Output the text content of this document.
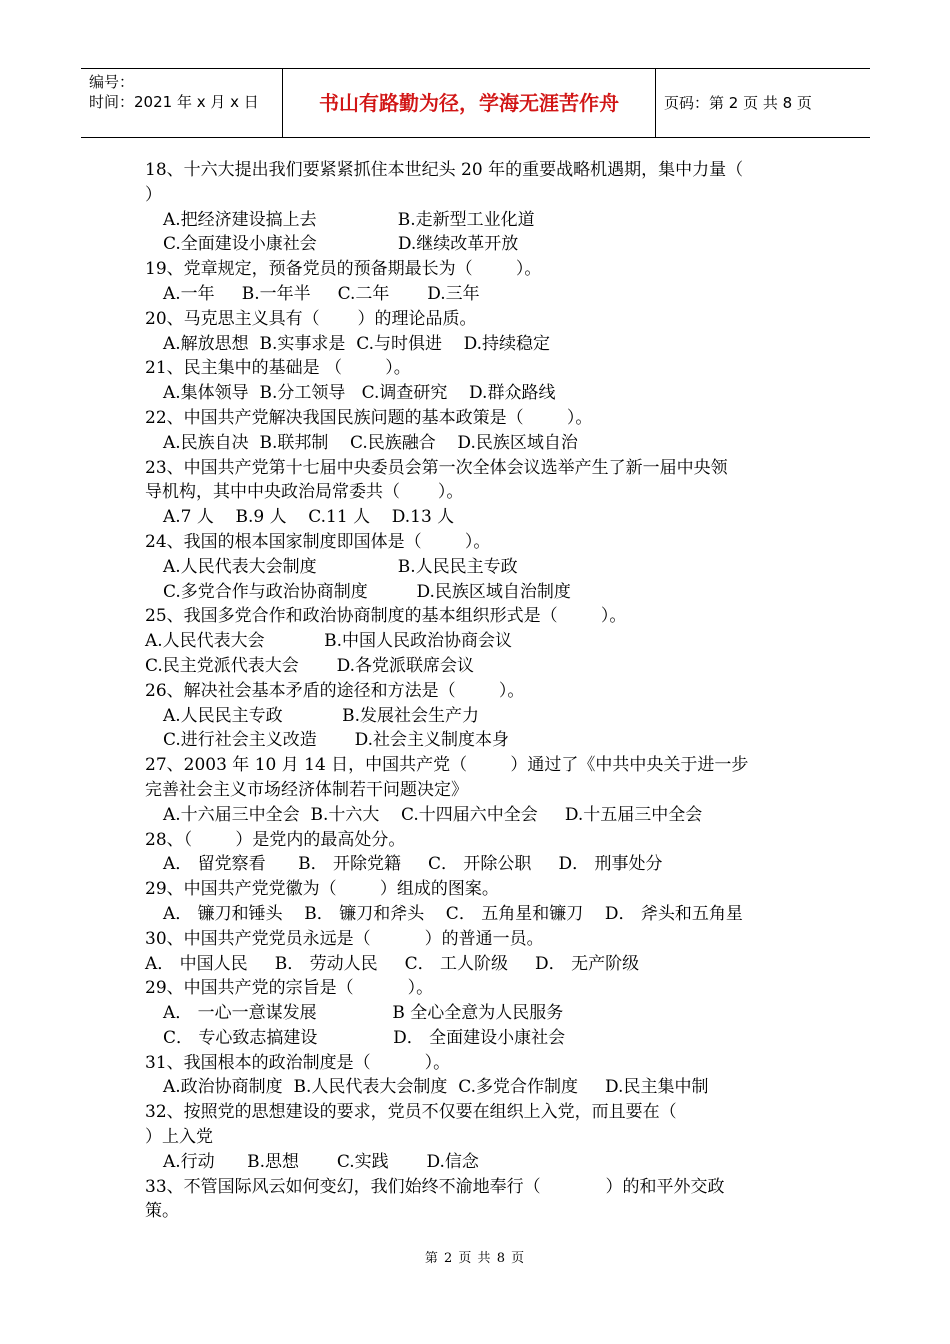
编号：
时间：2021 年 x 月 x 日	书山有路勤为径，学海无涯苦作舟	页码：第 2 页 共 8 页
18、十六大提出我们要紧紧抓住本世纪头 20 年的重要战略机遇期，集中力量（
）
A.把经济建设搞上去               B.走新型工业化道
C.全面建设小康社会               D.继续改革开放
19、党章规定，预备党员的预备期最长为（        ）。
A.一年     B.一年半     C.二年       D.三年
20、马克思主义具有（       ）的理论品质。
A.解放思想  B.实事求是  C.与时俱进    D.持续稳定
21、民主集中的基础是 （        ）。
A.集体领导  B.分工领导   C.调查研究    D.群众路线
22、中国共产党解决我国民族问题的基本政策是（        ）。
A.民族自决  B.联邦制    C.民族融合    D.民族区域自治
23、中国共产党第十七届中央委员会第一次全体会议选举产生了新一届中央领
导机构，其中中央政治局常委共（       ）。
A.7 人    B.9 人    C.11 人    D.13 人
24、我国的根本国家制度即国体是（        ）。
A.人民代表大会制度               B.人民民主专政
C.多党合作与政治协商制度         D.民族区域自治制度
25、我国多党合作和政治协商制度的基本组织形式是（        ）。
A.人民代表大会           B.中国人民政治协商会议
C.民主党派代表大会       D.各党派联席会议
26、解决社会基本矛盾的途径和方法是（        ）。
A.人民民主专政           B.发展社会生产力
C.进行社会主义改造       D.社会主义制度本身
27、2003 年 10 月 14 日，中国共产党（        ）通过了《中共中央关于进一步
完善社会主义市场经济体制若干问题决定》
A.十六届三中全会  B.十六大    C.十四届六中全会     D.十五届三中全会
28、（        ）是党内的最高处分。
A． 留党察看      B． 开除党籍     C． 开除公职     D． 刑事处分
29、中国共产党党徽为（        ）组成的图案。
A． 镰刀和锤头    B． 镰刀和斧头    C． 五角星和镰刀    D． 斧头和五角星
30、中国共产党党员永远是（          ）的普通一员。
A． 中国人民     B． 劳动人民     C． 工人阶级     D． 无产阶级
29、中国共产党的宗旨是（          ）。
A． 一心一意谋发展              B 全心全意为人民服务
C． 专心致志搞建设              D． 全面建设小康社会
31、我国根本的政治制度是（          ）。
A.政治协商制度  B.人民代表大会制度  C.多党合作制度     D.民主集中制
32、按照党的思想建设的要求，党员不仅要在组织上入党，而且要在（
）上入党
A.行动      B.思想       C.实践       D.信念
33、不管国际风云如何变幻，我们始终不渝地奉行（            ）的和平外交政
策。
第 2 页 共 8 页
